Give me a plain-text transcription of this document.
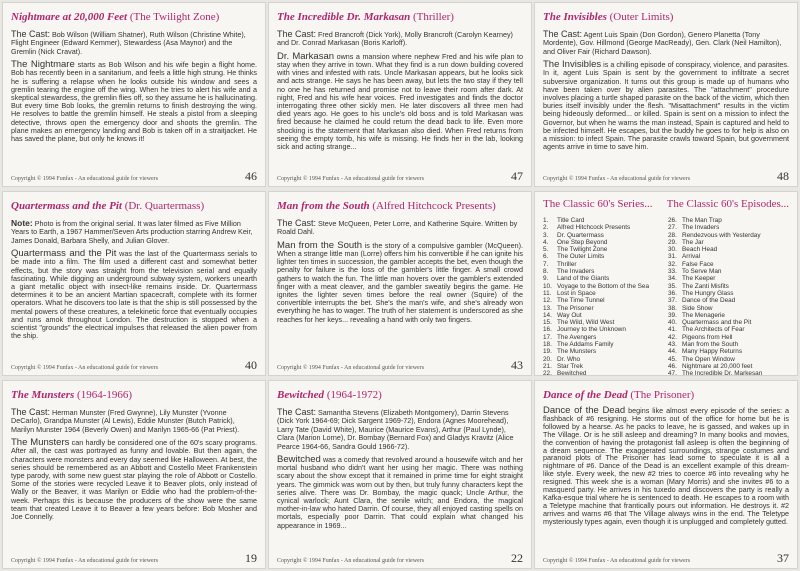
Nightmare at 20,000 Feet (The Twilight Zone)
The Cast: Bob Wilson (William Shatner), Ruth Wilson (Christine White), Flight Engineer (Edward Kemmer), Stewardess (Asa Maynor) and the Gremlin (Nick Cravat).
The Nightmare starts as Bob Wilson and his wife begin a flight home. Bob has recently been in a sanitarium, and feels a little high strung. He thinks he is suffering a relapse when he looks outside his window and sees a gremlin tearing the engine off the wing. When he tries to alert his wife and a skeptical stewardess, the gremlin flies off, so they assume he is hallucinating. But every time Bob looks, the gremlin returns to finish destroying the wing. He resolves to battle the gremlin himself. He steals a pistol from a sleeping detective, throws open the emergency door and shoots the gremlin. The plane makes an emergency landing and Bob is taken off in a straitjacket. He has saved the plane, but only he knows it!
Copyright © 1994 Funfax - An educational guide for viewers	46
The Incredible Dr. Markasan (Thriller)
The Cast: Fred Brancroft (Dick York), Molly Brancroft (Carolyn Kearney) and Dr. Conrad Markasan (Boris Karloff).
Dr. Markasan owns a mansion where nephew Fred and his wife plan to stay when they arrive in town. What they find is a run down building covered with vines and infested with rats. Uncle Markasan appears, but he looks sick and acts strange. He says he has been away, but lets the two stay if they tell no one he has returned and promise not to leave their room after dark. At night, Fred and his wife hear voices. Fred investigates and finds the doctor interrogating three other sickly men. He later discovers all three men had died years ago. He goes to his uncle's old boss and is told Markasan was fired because he claimed he could return the dead back to life. Even more shocking is the statement that Markasan also died. When Fred returns from seeing the empty tomb, his wife is missing. He finds her in the lab, looking sick and acting strange...
Copyright © 1994 Funfax - An educational guide for viewers	47
The Invisibles (Outer Limits)
The Cast: Agent Luis Spain (Don Gordon), Genero Planetta (Tony Mordente), Gov. Hillmond (George MacReady), Gen. Clark (Neil Hamilton), and Oliver Fair (Richard Dawson).
The Invisibles is a chilling episode of conspiracy, violence, and parasites. In it, agent Luis Spain is sent by the government to infiltrate a secret subversive organization. It turns out this group is made up of humans who have been taken over by alien parasites. The "attachment" procedure involves placing a turtle shaped parasite on the back of the victim, which then buries itself invisibly under the flesh. "Misattachment" results in the victim being hideously deformed... or killed. Spain is sent on a mission to infect the Governor, but when he warns the man instead, Spain is captured and held to be infected himself. He escapes, but the buddy he goes to for help is also on a mission: to infect Spain. The parasite crawls toward Spain, but government agents arrive in time to save him.
Copyright © 1994 Funfax - An educational guide for viewers	48
Quartermass and the Pit (Dr. Quartermass)
Note: Photo is from the original serial. It was later filmed as Five Million Years to Earth, a 1967 Hammer/Seven Arts production starring Andrew Keir, James Donald, Barbara Shelly, and Julian Glover.
Quartermass and the Pit was the last of the Quartermass serials to be made into a film. The film used a different cast and somewhat better effects, but the story was straight from the television serial and equally fascinating. While digging an underground subway system, workers unearth a giant metallic object with insect-like remains inside. Dr. Quartermass determines it to be an ancient Martian spacecraft, complete with its former operators. What he discovers too late is that the ship is still possessed by the mental powers of these creatures, a telekinetic force that eventually occupies and runs amok throughout London. The destruction is stopped when a scientist "grounds" the electrical impulses that released the alien power from the ship.
Copyright © 1994 Funfax - An educational guide for viewers	40
Man from the South (Alfred Hitchcock Presents)
The Cast: Steve McQueen, Peter Lorre, and Katherine Squire. Written by Roald Dahl.
Man from the South is the story of a compulsive gambler (McQueen). When a strange little man (Lorre) offers him his convertible if he can ignite his lighter ten times in succession, the gambler accepts the bet, even though the penalty for failure is the loss of the gambler's little finger. A small crowd gathers to watch the fun. The little man hovers over the gambler's extended finger with a meat cleaver, and the gambler sweatily begins the game. He ignites the lighter seven times before the real owner (Squire) of the convertible interrupts the bet. She's the man's wife, and she's already won everything he has to wager. The truth of her statement is underscored as she reaches for her keys... revealing a hand with only two fingers.
Copyright © 1994 Funfax - An educational guide for viewers	43
The Classic 60's Series... The Classic 60's Episodes...
1.	Title Card
2.	Alfred Hitchcock Presents
3.	Dr. Quartermass
4.	One Step Beyond
5.	The Twilight Zone
6.	The Outer Limits
7.	Thriller
8.	The Invaders
9.	Land of the Giants
10. Voyage to the Bottom of the Sea
11. Lost in Space
12. The Time Tunnel
13. The Prisoner
14. Way Out
15. The Wild, Wild West
16. Journey to the Unknown
17. The Avengers
18. The Addams Family
19. The Munsters
20. Dr. Who
21. Star Trek
22. Bewitched
26. The Man Trap
27. The Invaders
28. Rendezvous with Yesterday
29. The Jar
30. Beach Head
31. Arrival
32. False Face
33. To Serve Man
34. The Keeper
35. The Zanti Misfits
36. The Hungry Glass
37. Dance of the Dead
38. Side Show
39. The Menagerie
40. Quartermass and the Pit
41. The Architects of Fear
42. Pigeons from Hell
43. Man from the South
44. Many Happy Returns
45. The Open Window
46. Nightmare at 20,000 feet
47. The Incredible Dr. Markesan
The Munsters (1964-1966)
The Cast: Herman Munster (Fred Gwynne), Lily Munster (Yvonne DeCarlo), Grandpa Munster (Al Lewis), Eddie Munster (Butch Patrick), Marilyn Munster 1964 (Beverly Owen) and Marilyn 1965-66 (Pat Priest).
The Munsters can hardly be considered one of the 60's scary programs. After all, the cast was portrayed as funny and lovable. But then again, the characters were monsters and every day seemed like Halloween. At best, the series should be remembered as an Abbott and Costello Meet Frankenstein type parody, with some new guest star playing the role of Abbott or Costello. Some of the stories were recycled Leave it to Beaver plots, only instead of Wally or the Beaver, it was Marilyn or Eddie who had the problem-of-the-week. Perhaps this is because the producers of the show were the same team that created Leave it to Beaver a few years before: Bob Mosher and Joe Connelly.
Copyright © 1994 Funfax - An educational guide for viewers	19
Bewitched (1964-1972)
The Cast: Samantha Stevens (Elizabeth Montgomery), Darrin Stevens (Dick York 1964-69; Dick Sargent 1969-72), Endora (Agnes Moorehead), Larry Tate (David White), Maurice (Maurice Evans), Arthur (Paul Lynde), Clara (Marion Lorne), Dr. Bombay (Bernard Fox) and Gladys Kravitz (Alice Pearce 1964-66, Sandra Gould 1966-72).
Bewitched was a comedy that revolved around a housewife witch and her mortal husband who didn't want her using her magic. There was nothing scary about the show except that it remained in prime time for eight straight years. The gimmick was worn out by then, but truly funny characters kept the series alive. There was Dr. Bombay, the magic quack; Uncle Arthur, the cynical warlock; Aunt Clara, the senile witch; and Endora, the magical mother-in-law who hated Darrin. Of course, they all enjoyed casting spells on mortals, especially poor Darrin. That could explain what changed his appearance in 1969...
Copyright © 1994 Funfax - An educational guide for viewers	22
Dance of the Dead (The Prisoner)
Dance of the Dead begins like almost every episode of the series: a flashback of #6 resigning. He storms out of the office for home but he is followed by a hearse. As he packs to leave, he is gassed, and wakes up in The Village. Or is he still asleep and dreaming? In many books and movies, the convention of having the protagonist fall asleep is often the beginning of a dream sequence. The exaggerated surroundings, strange costumes and paranoid plots of The Prisoner has lead some to speculate it is all a nightmare of #6. Dance of the Dead is an excellent example of this dream-like style. Every week, the new #2 tries to coerce #6 into revealing why he resigned. This week she is a woman (Mary Morris) and she invites #6 to a masquerd party. He arrives in his tuxedo and discovers the party is really a Kafka-esque trial where he is sentenced to death. He escapes to a room with a Teletype machine that frantically pours out information. He destroys it. #2 arrives and warns #6 that The Village always wins in the end. The Teletype mysteriously types again, even though it is unplugged and completely gutted.
Copyright © 1994 Funfax - An educational guide for viewers	37
